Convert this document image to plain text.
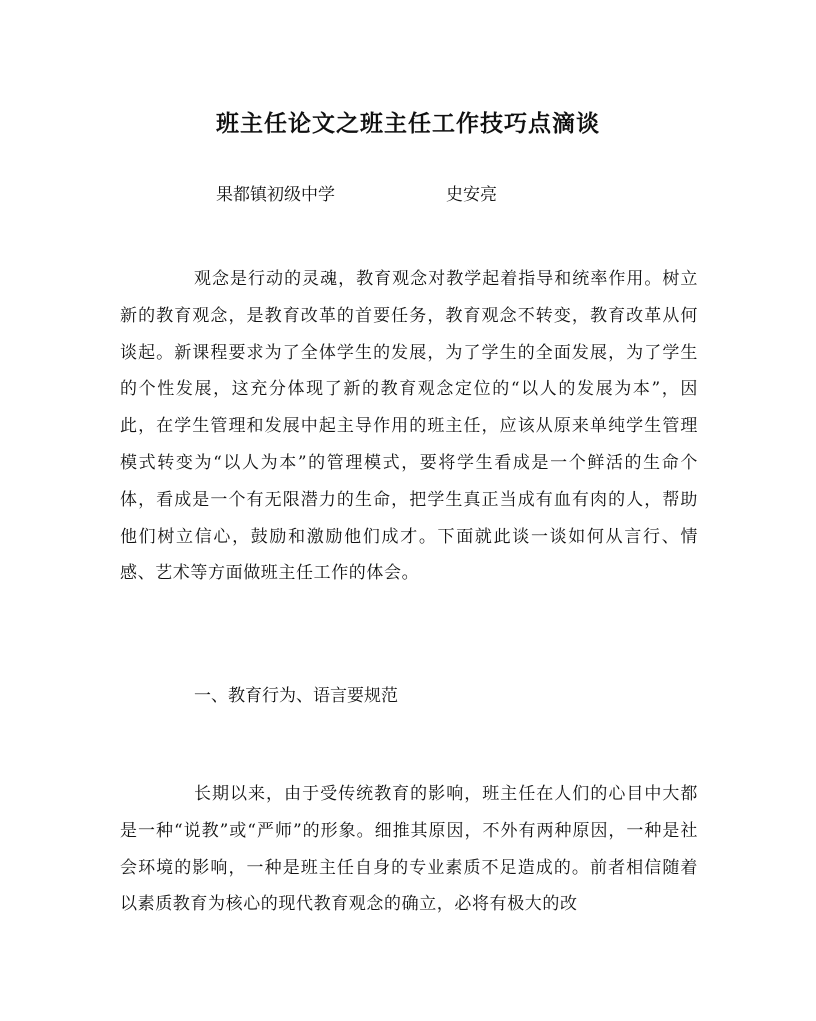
班主任论文之班主任工作技巧点滴谈
果都镇初级中学	史安亮

观念是行动的灵魂，教育观念对教学起着指导和统率作用。树立新的教育观念，是教育改革的首要任务，教育观念不转变，教育改革从何谈起。新课程要求为了全体学生的发展，为了学生的全面发展，为了学生的个性发展，这充分体现了新的教育观念定位的“以人的发展为本”，因此，在学生管理和发展中起主导作用的班主任，应该从原来单纯学生管理模式转变为“以人为本”的管理模式，要将学生看成是一个鲜活的生命个体，看成是一个有无限潜力的生命，把学生真正当成有血有肉的人，帮助他们树立信心，鼓励和激励他们成才。下面就此谈一谈如何从言行、情感、艺术等方面做班主任工作的体会。

一、教育行为、语言要规范

长期以来，由于受传统教育的影响，班主任在人们的心目中大都是一种“说教”或“严师”的形象。细推其原因，不外有两种原因，一种是社会环境的影响，一种是班主任自身的专业素质不足造成的。前者相信随着以素质教育为核心的现代教育观念的确立，必将有极大的改
